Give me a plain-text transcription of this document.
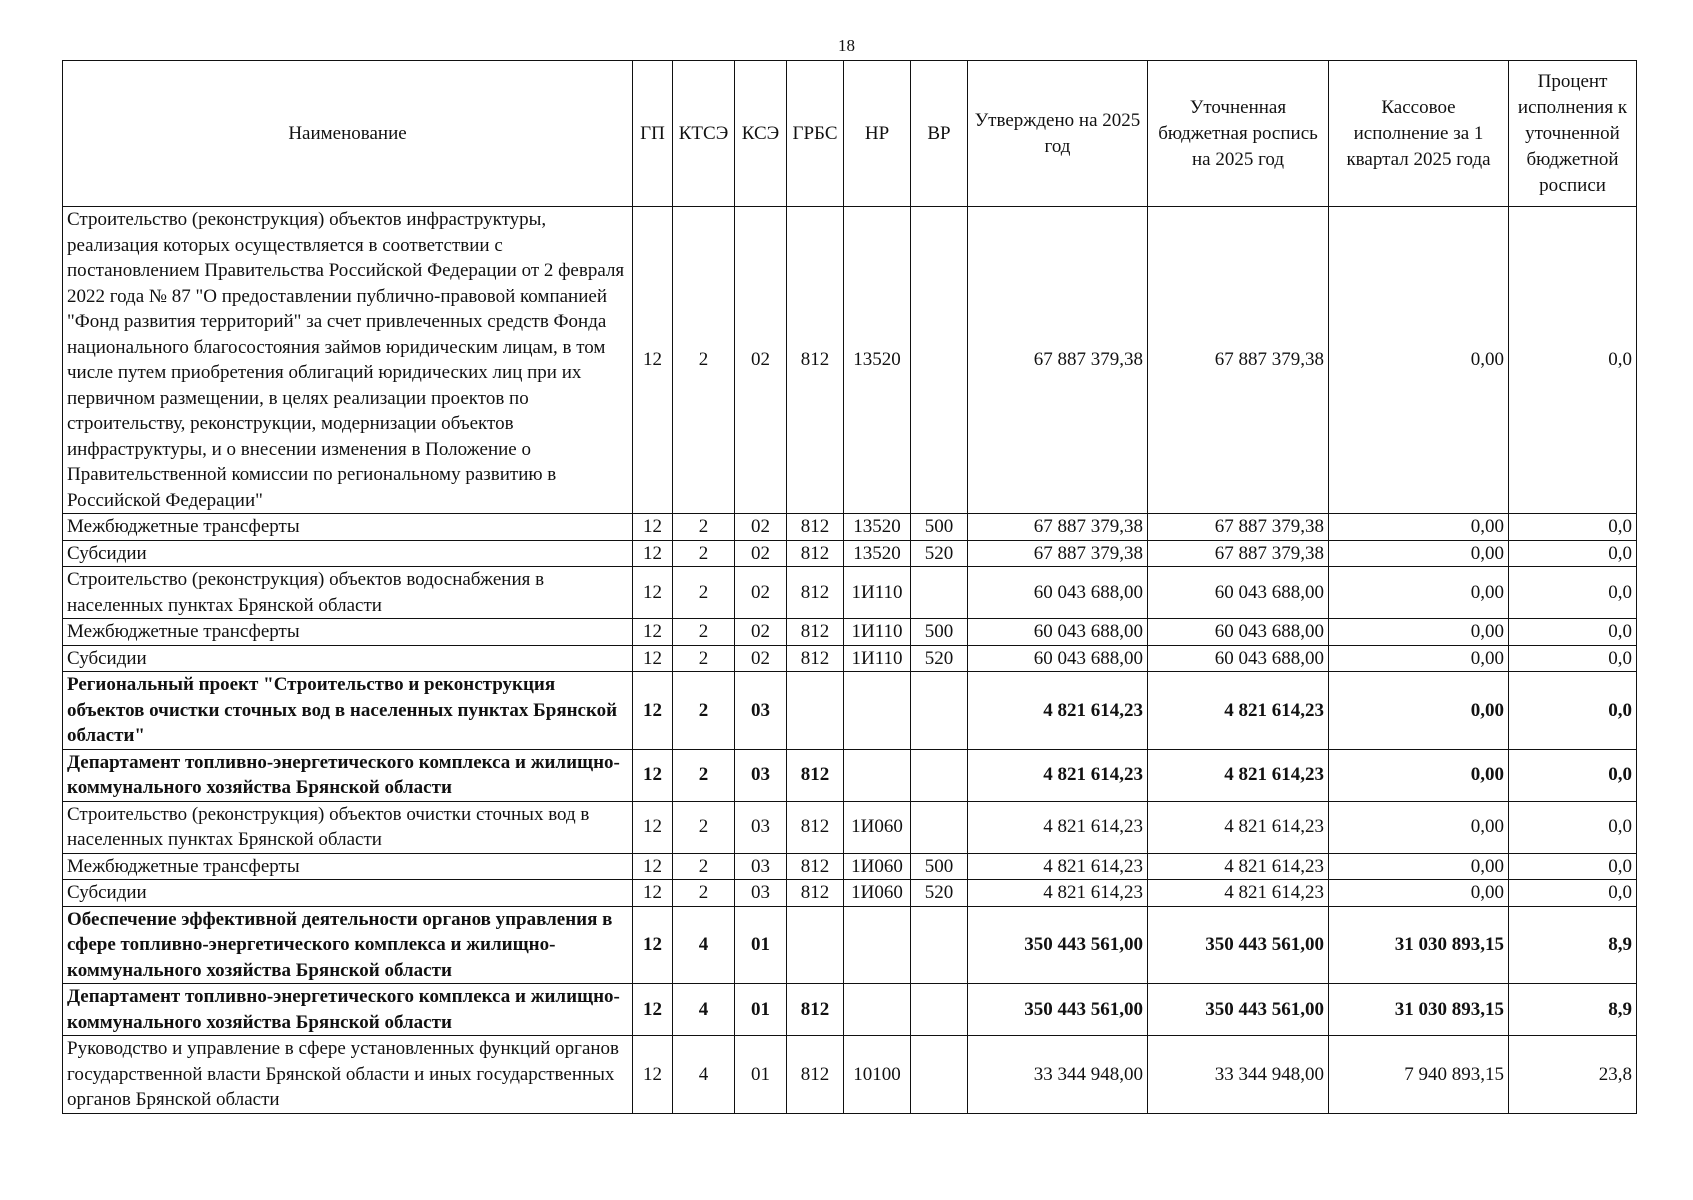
18
Наименование	ГП	КТСЭ	КСЭ	ГРБС	НР	ВР	Утверждено на 2025 год	Уточненная бюджетная роспись на 2025 год	Кассовое исполнение за 1 квартал 2025 года	Процент исполнения к уточненной бюджетной росписи
Строительство (реконструкция) объектов инфраструктуры, реализация которых осуществляется в соответствии с постановлением Правительства Российской Федерации от 2 февраля 2022 года № 87 "О предоставлении публично-правовой компанией "Фонд развития территорий" за счет привлеченных средств Фонда национального благосостояния займов юридическим лицам, в том числе путем приобретения облигаций юридических лиц при их первичном размещении, в целях реализации проектов по строительству, реконструкции, модернизации объектов инфраструктуры, и о внесении изменения в Положение о Правительственной комиссии по региональному развитию в Российской Федерации"	12	2	02	812	13520		67 887 379,38	67 887 379,38	0,00	0,0
Межбюджетные трансферты	12	2	02	812	13520	500	67 887 379,38	67 887 379,38	0,00	0,0
Субсидии	12	2	02	812	13520	520	67 887 379,38	67 887 379,38	0,00	0,0
Строительство (реконструкция) объектов водоснабжения в населенных пунктах Брянской области	12	2	02	812	1И110		60 043 688,00	60 043 688,00	0,00	0,0
Межбюджетные трансферты	12	2	02	812	1И110	500	60 043 688,00	60 043 688,00	0,00	0,0
Субсидии	12	2	02	812	1И110	520	60 043 688,00	60 043 688,00	0,00	0,0
Региональный проект "Строительство и реконструкция объектов очистки сточных вод в населенных пунктах Брянской области"	12	2	03				4 821 614,23	4 821 614,23	0,00	0,0
Департамент топливно-энергетического комплекса и жилищно-коммунального хозяйства Брянской области	12	2	03	812			4 821 614,23	4 821 614,23	0,00	0,0
Строительство (реконструкция) объектов очистки сточных вод в населенных пунктах Брянской области	12	2	03	812	1И060		4 821 614,23	4 821 614,23	0,00	0,0
Межбюджетные трансферты	12	2	03	812	1И060	500	4 821 614,23	4 821 614,23	0,00	0,0
Субсидии	12	2	03	812	1И060	520	4 821 614,23	4 821 614,23	0,00	0,0
Обеспечение эффективной деятельности органов управления в сфере топливно-энергетического комплекса и жилищно-коммунального хозяйства Брянской области	12	4	01				350 443 561,00	350 443 561,00	31 030 893,15	8,9
Департамент топливно-энергетического комплекса и жилищно-коммунального хозяйства Брянской области	12	4	01	812			350 443 561,00	350 443 561,00	31 030 893,15	8,9
Руководство и управление в сфере установленных функций органов государственной власти Брянской области и иных государственных органов Брянской области	12	4	01	812	10100		33 344 948,00	33 344 948,00	7 940 893,15	23,8
